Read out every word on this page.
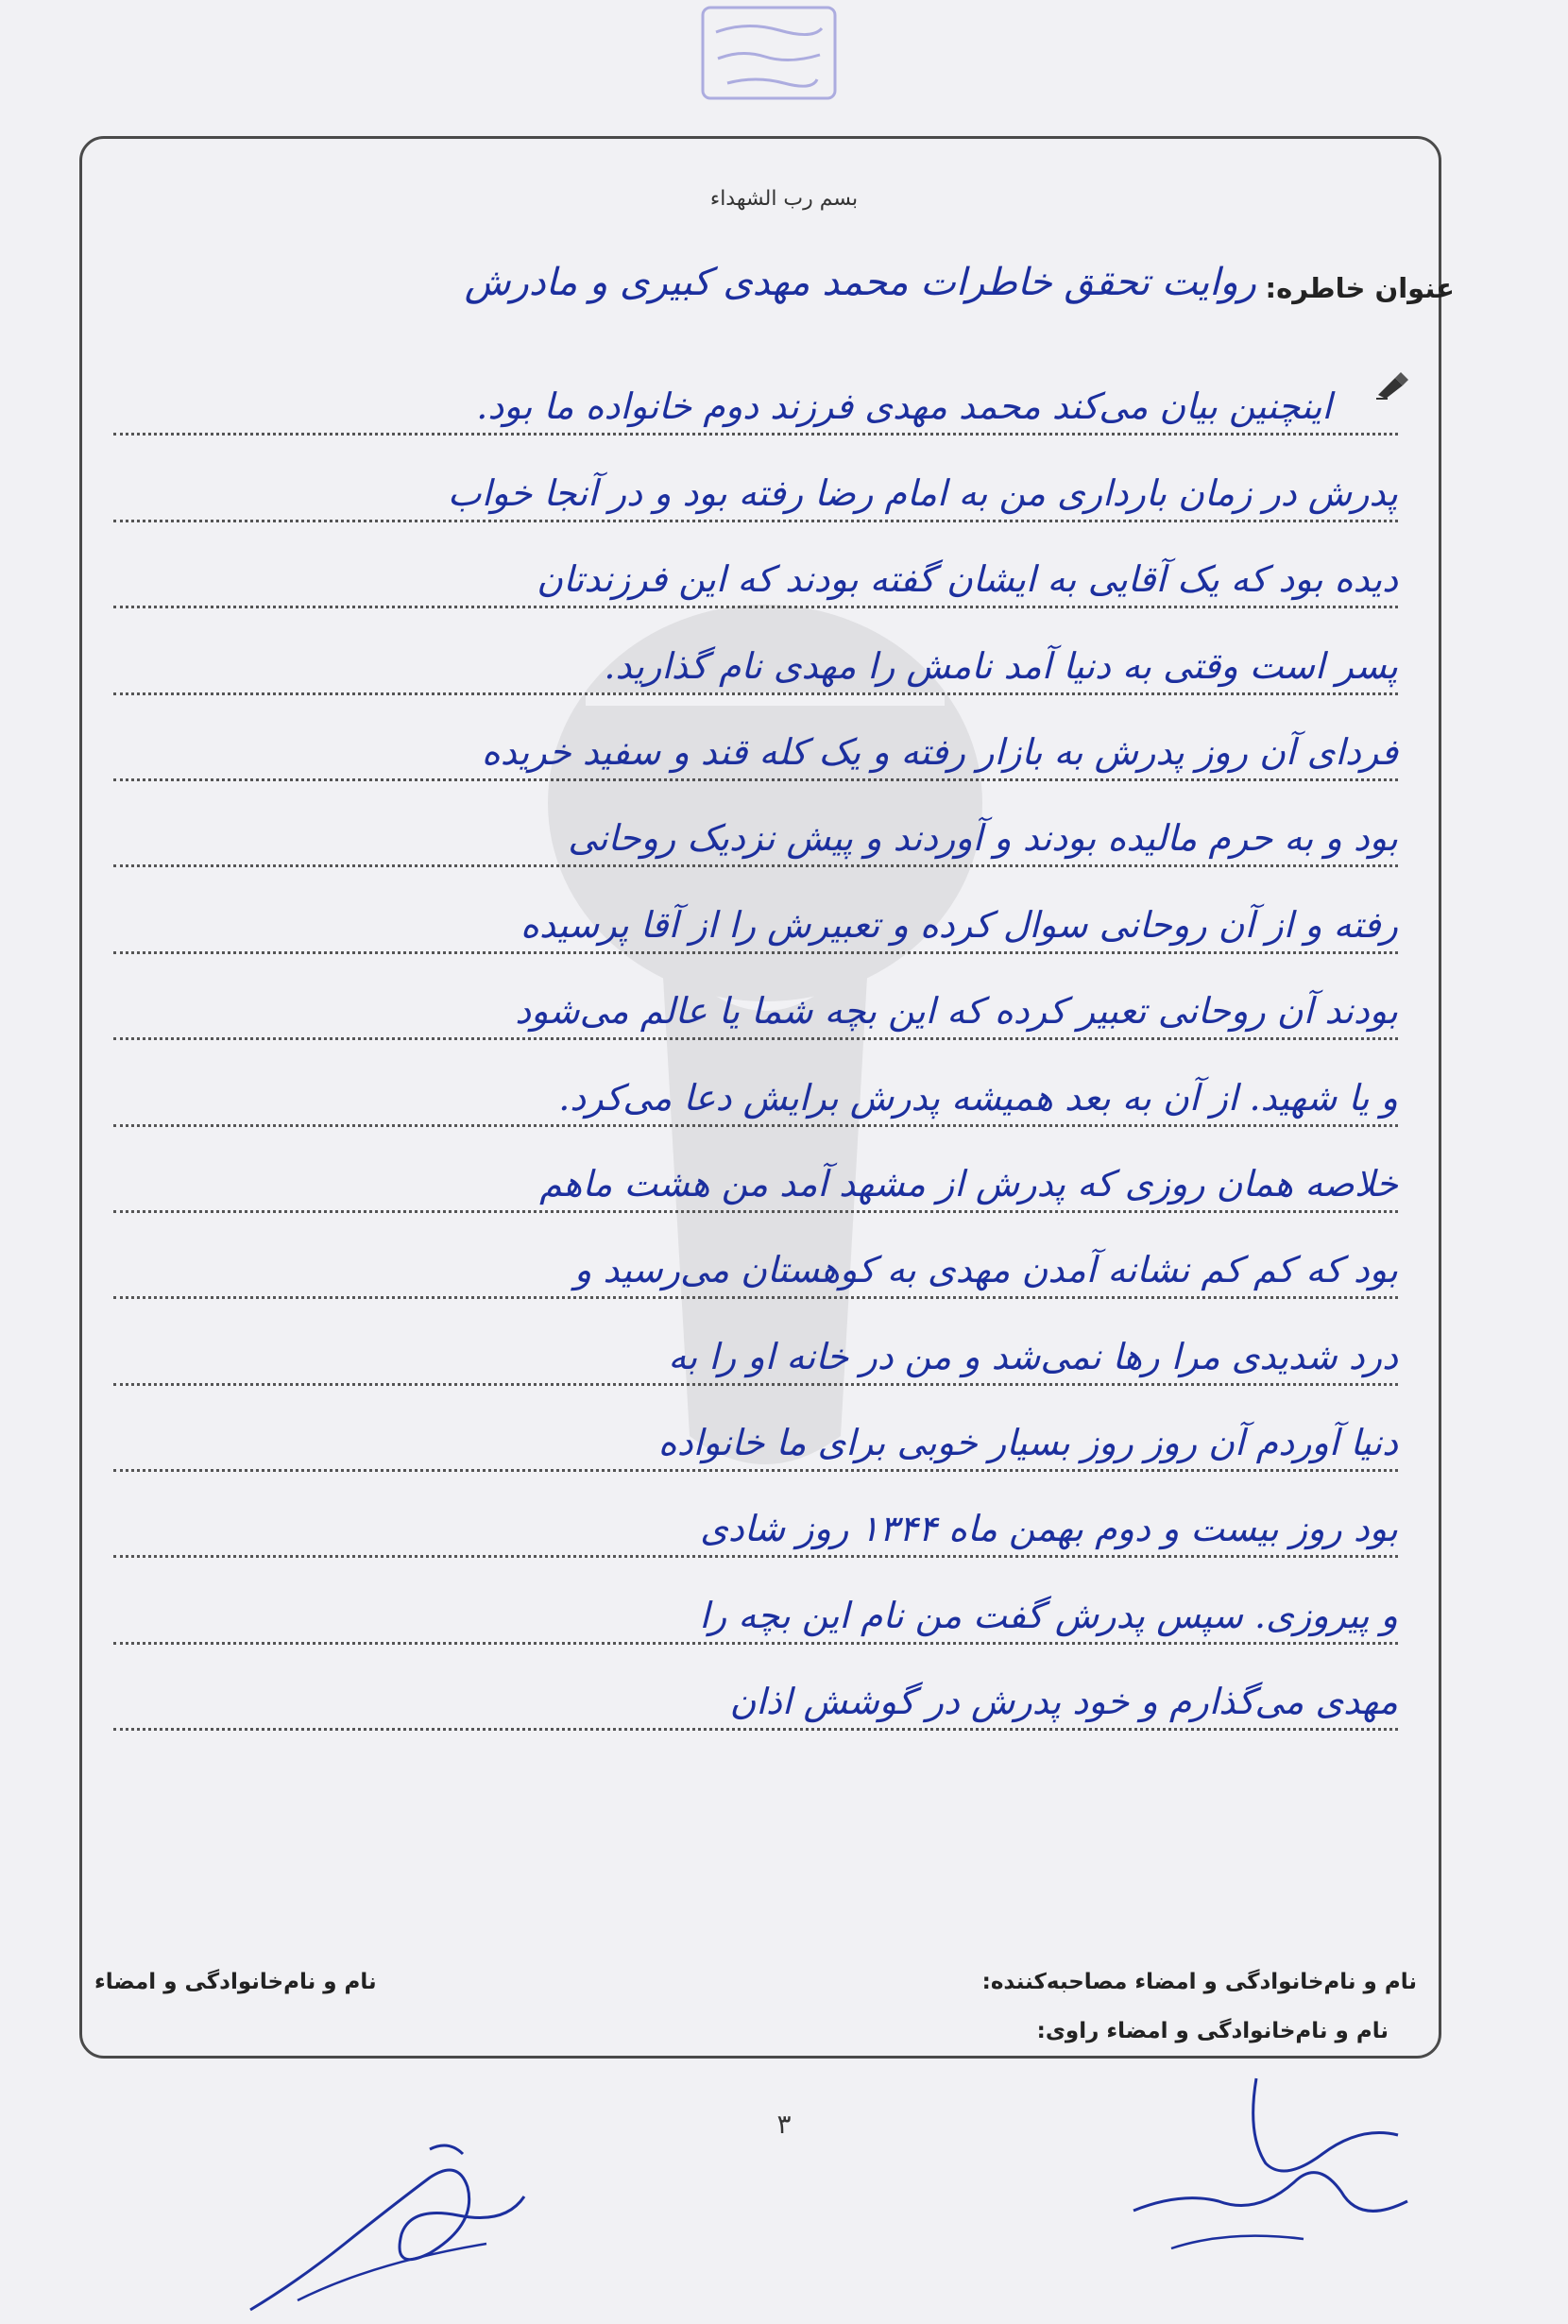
بسم رب الشهداء
عنوان خاطره:
روایت تحقق خاطرات محمد مهدی کبیری و مادرش
اینچنین بیان می‌کند محمد مهدی فرزند دوم خانواده ما بود.
پدرش در زمان بارداری من به امام رضا رفته بود و در آنجا خواب
دیده بود که یک آقایی به ایشان گفته بودند که این فرزندتان
پسر است وقتی به دنیا آمد نامش را مهدی نام گذارید.
فردای آن روز پدرش به بازار رفته و یک کله قند و سفید خریده
بود و به حرم مالیده بودند و آوردند و پیش نزدیک روحانی
رفته و از آن روحانی سوال کرده و تعبیرش را از آقا پرسیده
بودند آن روحانی تعبیر کرده که این بچه شما یا عالم می‌شود
و یا شهید. از آن به بعد همیشه پدرش برایش دعا می‌کرد.
خلاصه همان روزی که پدرش از مشهد آمد من هشت ماهم
بود که کم کم نشانه آمدن مهدی به کوهستان می‌رسید و
درد شدیدی مرا رها نمی‌شد و من در خانه او را به
دنیا آوردم آن روز روز بسیار خوبی برای ما خانواده
بود روز بیست و دوم بهمن ماه ۱۳۴۴ روز شادی
و پیروزی. سپس پدرش گفت من نام این بچه را
مهدی می‌گذارم و خود پدرش در گوشش اذان
نام و نام‌خانوادگی و امضاء مصاحبه‌کننده:
نام و نام‌خانوادگی و امضاء
نام و نام‌خانوادگی و امضاء راوی:
۳
